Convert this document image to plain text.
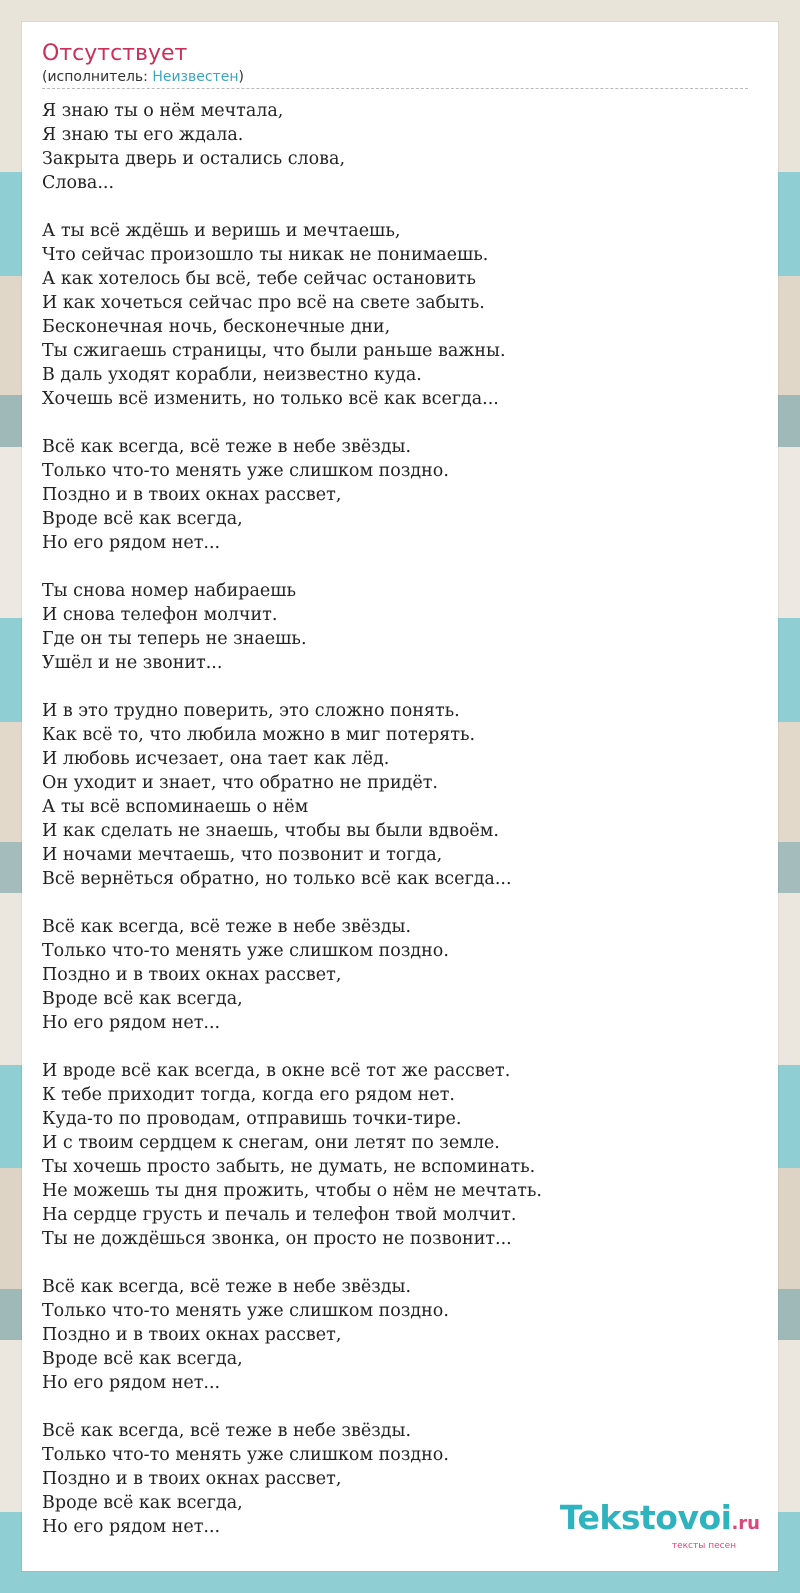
Отсутствует

(исполнитель: Неизвестен)

Я знаю ты о нём мечтала,
Я знаю ты его ждала.
Закрыта дверь и остались слова,
Слова...
А ты всё ждёшь и веришь и мечтаешь,
Что сейчас произошло ты никак не понимаешь.
А как хотелось бы всё, тебе сейчас остановить
И как хочеться сейчас про всё на свете забыть.
Бесконечная ночь, бесконечные дни,
Ты сжигаешь страницы, что были раньше важны.
В даль уходят корабли, неизвестно куда.
Хочешь всё изменить, но только всё как всегда...
Всё как всегда, всё теже в небе звёзды.
Только что-то менять уже слишком поздно.
Поздно и в твоих окнах рассвет,
Вроде всё как всегда,
Но его рядом нет...
Ты снова номер набираешь
И снова телефон молчит.
Где он ты теперь не знаешь.
Ушёл и не звонит...
И в это трудно поверить, это сложно понять.
Как всё то, что любила можно в миг потерять.
И любовь исчезает, она тает как лёд.
Он уходит и знает, что обратно не придёт.
А ты всё вспоминаешь о нём
И как сделать не знаешь, чтобы вы были вдвоём.
И ночами мечтаешь, что позвонит и тогда,
Всё вернёться обратно, но только всё как всегда...
Всё как всегда, всё теже в небе звёзды.
Только что-то менять уже слишком поздно.
Поздно и в твоих окнах рассвет,
Вроде всё как всегда,
Но его рядом нет...
И вроде всё как всегда, в окне всё тот же рассвет.
К тебе приходит тогда, когда его рядом нет.
Куда-то по проводам, отправишь точки-тире.
И с твоим сердцем к снегам, они летят по земле.
Ты хочешь просто забыть, не думать, не вспоминать.
Не можешь ты дня прожить, чтобы о нём не мечтать.
На сердце грусть и печаль и телефон твой молчит.
Ты не дождёшься звонка, он просто не позвонит...
Всё как всегда, всё теже в небе звёзды.
Только что-то менять уже слишком поздно.
Поздно и в твоих окнах рассвет,
Вроде всё как всегда,
Но его рядом нет...
Всё как всегда, всё теже в небе звёзды.
Только что-то менять уже слишком поздно.
Поздно и в твоих окнах рассвет,
Вроде всё как всегда,
Но его рядом нет...	Tekstovoi.ru
тексты песен
